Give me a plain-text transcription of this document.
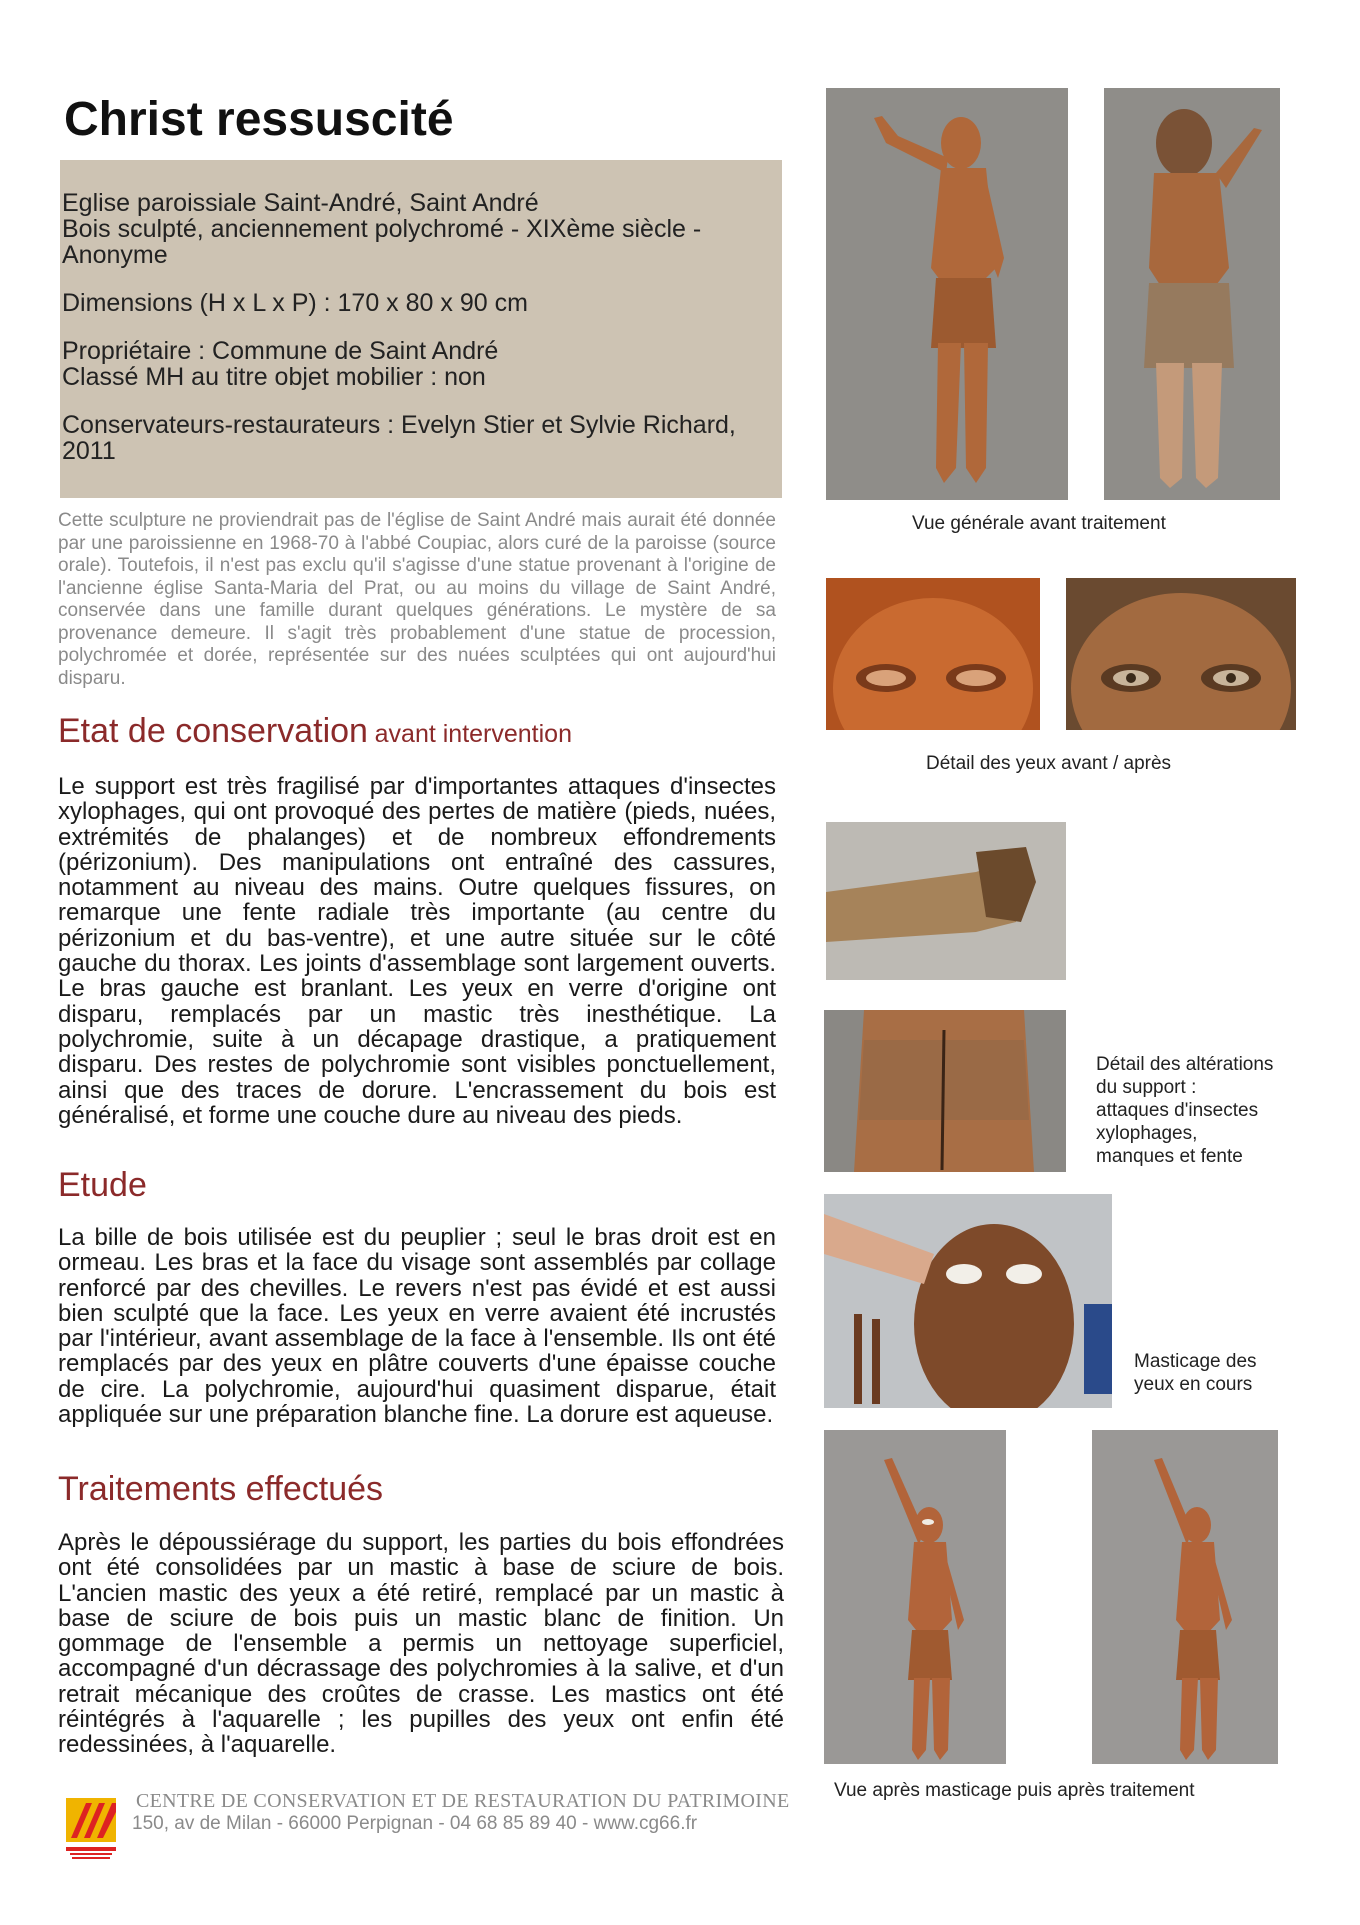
Christ ressuscité

Eglise paroissiale Saint-André, Saint André
Bois sculpté, anciennement polychromé - XIXème siècle -
Anonyme

Dimensions (H x L x P) : 170 x 80 x 90 cm

Propriétaire : Commune de Saint André
Classé MH au titre objet mobilier : non

Conservateurs-restaurateurs : Evelyn Stier et Sylvie Richard,
2011

Cette sculpture ne proviendrait pas de l'église de Saint André mais aurait été donnée par une paroissienne en 1968-70 à l'abbé Coupiac, alors curé de la paroisse (source orale). Toutefois, il n'est pas exclu qu'il s'agisse d'une statue provenant à l'origine de l'ancienne église Santa-Maria del Prat, ou au moins du village de Saint André, conservée dans une famille durant quelques générations. Le mystère de sa provenance demeure. Il s'agit très probablement d'une statue de procession, polychromée et dorée, représentée sur des nuées sculptées qui ont aujourd'hui disparu.
Etat de conservation avant intervention
Le support est très fragilisé par d'importantes attaques d'insectes xylophages, qui ont provoqué des pertes de matière (pieds, nuées, extrémités de phalanges) et de nombreux effondrements (périzonium). Des manipulations ont entraîné des cassures, notamment au niveau des mains. Outre quelques fissures, on remarque une fente radiale très importante (au centre du périzonium et du bas-ventre), et une autre située sur le côté gauche du thorax. Les joints d'assemblage sont largement ouverts. Le bras gauche est branlant. Les yeux en verre d'origine ont disparu, remplacés par un mastic très inesthétique. La polychromie, suite à un décapage drastique, a pratiquement disparu. Des restes de polychromie sont visibles ponctuellement, ainsi que des traces de dorure. L'encrassement du bois est généralisé, et forme une couche dure au niveau des pieds.
Etude
La bille de bois utilisée est du peuplier ; seul le bras droit est en ormeau. Les bras et la face du visage sont assemblés par collage renforcé par des chevilles. Le revers n'est pas évidé et est aussi bien sculpté que la face. Les yeux en verre avaient été incrustés par l'intérieur, avant assemblage de la face à l'ensemble. Ils ont été remplacés par des yeux en plâtre couverts d'une épaisse couche de cire. La polychromie, aujourd'hui quasiment disparue, était appliquée sur une préparation blanche fine. La dorure est aqueuse.
Traitements effectués
Après le dépoussiérage du support, les parties du bois effondrées ont été consolidées par un mastic à base de sciure de bois. L'ancien mastic des yeux a été retiré, remplacé par un mastic à base de sciure de bois puis un mastic blanc de finition. Un gommage de l'ensemble a permis un nettoyage superficiel, accompagné d'un décrassage des polychromies à la salive, et d'un retrait mécanique des croûtes de crasse. Les mastics ont été réintégrés à l'aquarelle ; les pupilles des yeux ont enfin été redessinées, à l'aquarelle.
Vue générale avant traitement
Détail des yeux avant / après
Détail des altérations
du support :
attaques d'insectes
xylophages,
manques et fente
Masticage des
yeux en cours
Vue après masticage puis après traitement
CENTRE DE CONSERVATION ET DE RESTAURATION DU PATRIMOINE
150, av de Milan - 66000 Perpignan - 04 68 85 89 40 - www.cg66.fr
